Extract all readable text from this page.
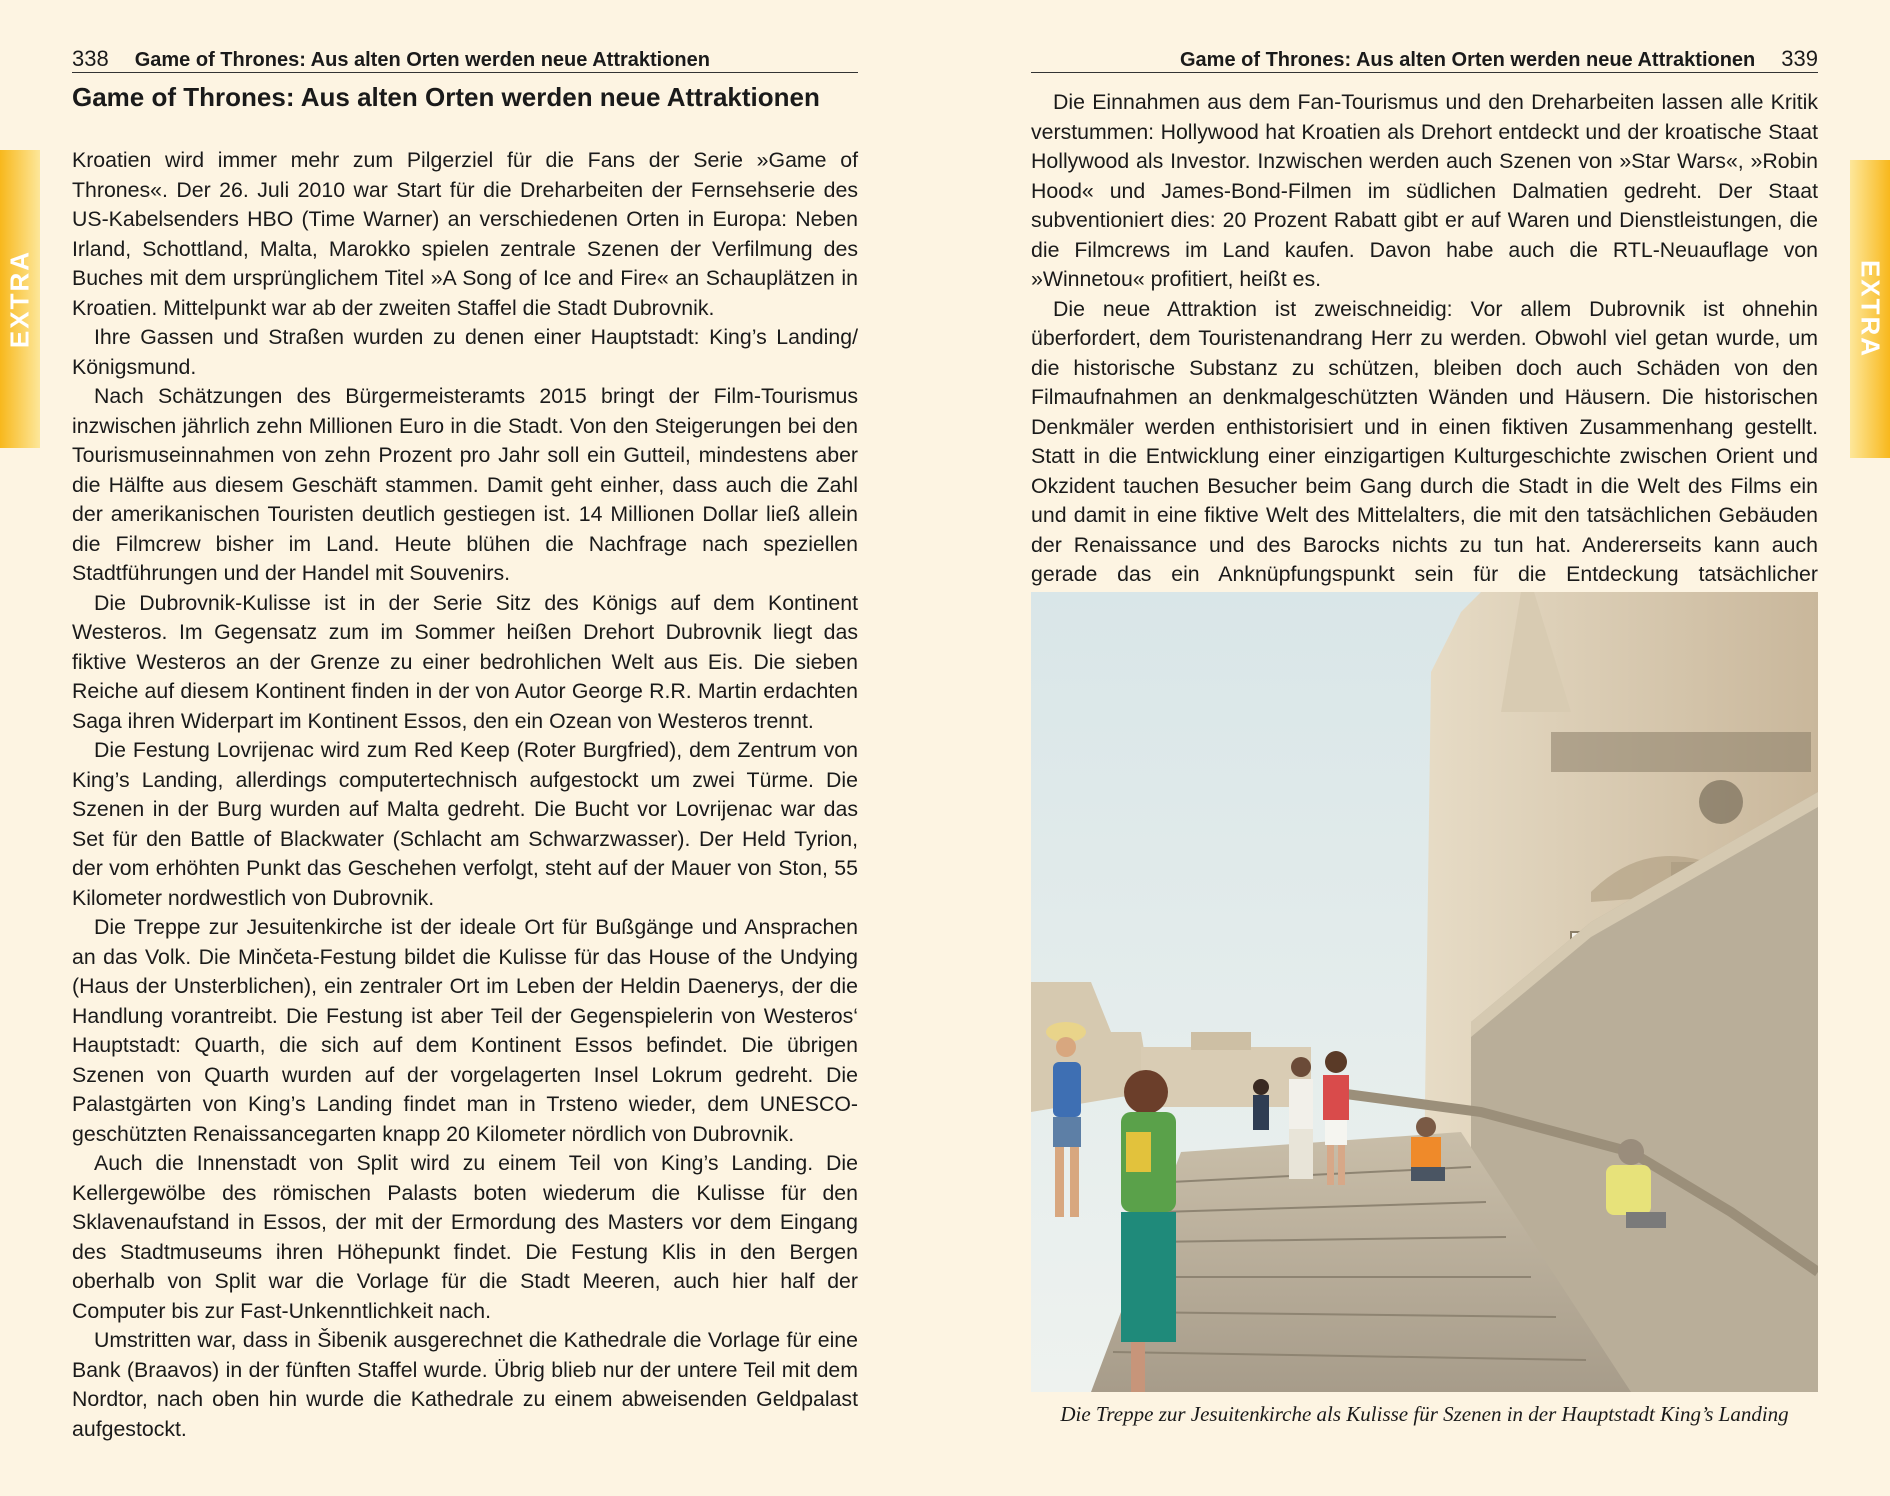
338 Game of Thrones: Aus alten Orten werden neue Attraktionen
Game of Thrones: Aus alten Orten werden neue Attraktionen
EXTRA

Kroatien wird immer mehr zum Pilgerziel für die Fans der Serie »Game of Thrones«. Der 26. Juli 2010 war Start für die Dreharbeiten der Fernsehserie des US-Kabelsenders HBO (Time Warner) an verschiedenen Orten in Europa: Neben Irland, Schottland, Malta, Marokko spielen zentrale Szenen der Verfilmung des Buches mit dem ursprünglichem Titel »A Song of Ice and Fire« an Schauplätzen in Kroatien. Mittelpunkt war ab der zweiten Staffel die Stadt Dubrovnik.

Ihre Gassen und Straßen wurden zu denen einer Hauptstadt: King’s Landing/ Königsmund.

Nach Schätzungen des Bürgermeisteramts 2015 bringt der Film-Tourismus inzwischen jährlich zehn Millionen Euro in die Stadt. Von den Steigerungen bei den Tourismuseinnahmen von zehn Prozent pro Jahr soll ein Gutteil, mindestens aber die Hälfte aus diesem Geschäft stammen. Damit geht einher, dass auch die Zahl der amerikanischen Touristen deutlich gestiegen ist. 14 Millionen Dollar ließ allein die Filmcrew bisher im Land. Heute blühen die Nachfrage nach speziellen Stadtführungen und der Handel mit Souvenirs.

Die Dubrovnik-Kulisse ist in der Serie Sitz des Königs auf dem Kontinent Westeros. Im Gegensatz zum im Sommer heißen Drehort Dubrovnik liegt das fiktive Westeros an der Grenze zu einer bedrohlichen Welt aus Eis. Die sieben Reiche auf diesem Kontinent finden in der von Autor George R.R. Martin erdachten Saga ihren Widerpart im Kontinent Essos, den ein Ozean von Westeros trennt.

Die Festung Lovrijenac wird zum Red Keep (Roter Burgfried), dem Zentrum von King’s Landing, allerdings computertechnisch aufgestockt um zwei Türme. Die Szenen in der Burg wurden auf Malta gedreht. Die Bucht vor Lovrijenac war das Set für den Battle of Blackwater (Schlacht am Schwarzwasser). Der Held Tyrion, der vom erhöhten Punkt das Geschehen verfolgt, steht auf der Mauer von Ston, 55 Kilometer nordwestlich von Dubrovnik.

Die Treppe zur Jesuitenkirche ist der ideale Ort für Bußgänge und Ansprachen an das Volk. Die Minčeta-Festung bildet die Kulisse für das House of the Undying (Haus der Unsterblichen), ein zentraler Ort im Leben der Heldin Daenerys, der die Handlung vorantreibt. Die Festung ist aber Teil der Gegenspielerin von Westeros‘ Hauptstadt: Quarth, die sich auf dem Kontinent Essos befindet. Die übrigen Szenen von Quarth wurden auf der vorgelagerten Insel Lokrum gedreht. Die Palastgärten von King’s Landing findet man in Trsteno wieder, dem UNESCO-geschützten Renaissancegarten knapp 20 Kilometer nördlich von Dubrovnik.

Auch die Innenstadt von Split wird zu einem Teil von King’s Landing. Die Kellergewölbe des römischen Palasts boten wiederum die Kulisse für den Sklavenaufstand in Essos, der mit der Ermordung des Masters vor dem Eingang des Stadtmuseums ihren Höhepunkt findet. Die Festung Klis in den Bergen oberhalb von Split war die Vorlage für die Stadt Meeren, auch hier half der Computer bis zur Fast-Unkenntlichkeit nach.

Umstritten war, dass in Šibenik ausgerechnet die Kathedrale die Vorlage für eine Bank (Braavos) in der fünften Staffel wurde. Übrig blieb nur der untere Teil mit dem Nordtor, nach oben hin wurde die Kathedrale zu einem abweisenden Geldpalast aufgestockt.

Game of Thrones: Aus alten Orten werden neue Attraktionen 339
EXTRA

Die Einnahmen aus dem Fan-Tourismus und den Dreharbeiten lassen alle Kritik verstummen: Hollywood hat Kroatien als Drehort entdeckt und der kroatische Staat Hollywood als Investor. Inzwischen werden auch Szenen von »Star Wars«, »Robin Hood« und James-Bond-Filmen im südlichen Dalmatien gedreht. Der Staat subventioniert dies: 20 Prozent Rabatt gibt er auf Waren und Dienstleistungen, die die Filmcrews im Land kaufen. Davon habe auch die RTL-Neuauflage von »Winnetou« profitiert, heißt es.

Die neue Attraktion ist zweischneidig: Vor allem Dubrovnik ist ohnehin überfordert, dem Touristenandrang Herr zu werden. Obwohl viel getan wurde, um die historische Substanz zu schützen, bleiben doch auch Schäden von den Filmaufnahmen an denkmalgeschützten Wänden und Häusern. Die historischen Denkmäler werden enthistorisiert und in einen fiktiven Zusammenhang gestellt. Statt in die Entwicklung einer einzigartigen Kulturgeschichte zwischen Orient und Okzident tauchen Besucher beim Gang durch die Stadt in die Welt des Films ein und damit in eine fiktive Welt des Mittelalters, die mit den tatsächlichen Gebäuden der Renaissance und des Barocks nichts zu tun hat. Andererseits kann auch gerade das ein Anknüpfungspunkt sein für die Entdeckung tatsächlicher

Die Treppe zur Jesuitenkirche als Kulisse für Szenen in der Hauptstadt King’s Landing
